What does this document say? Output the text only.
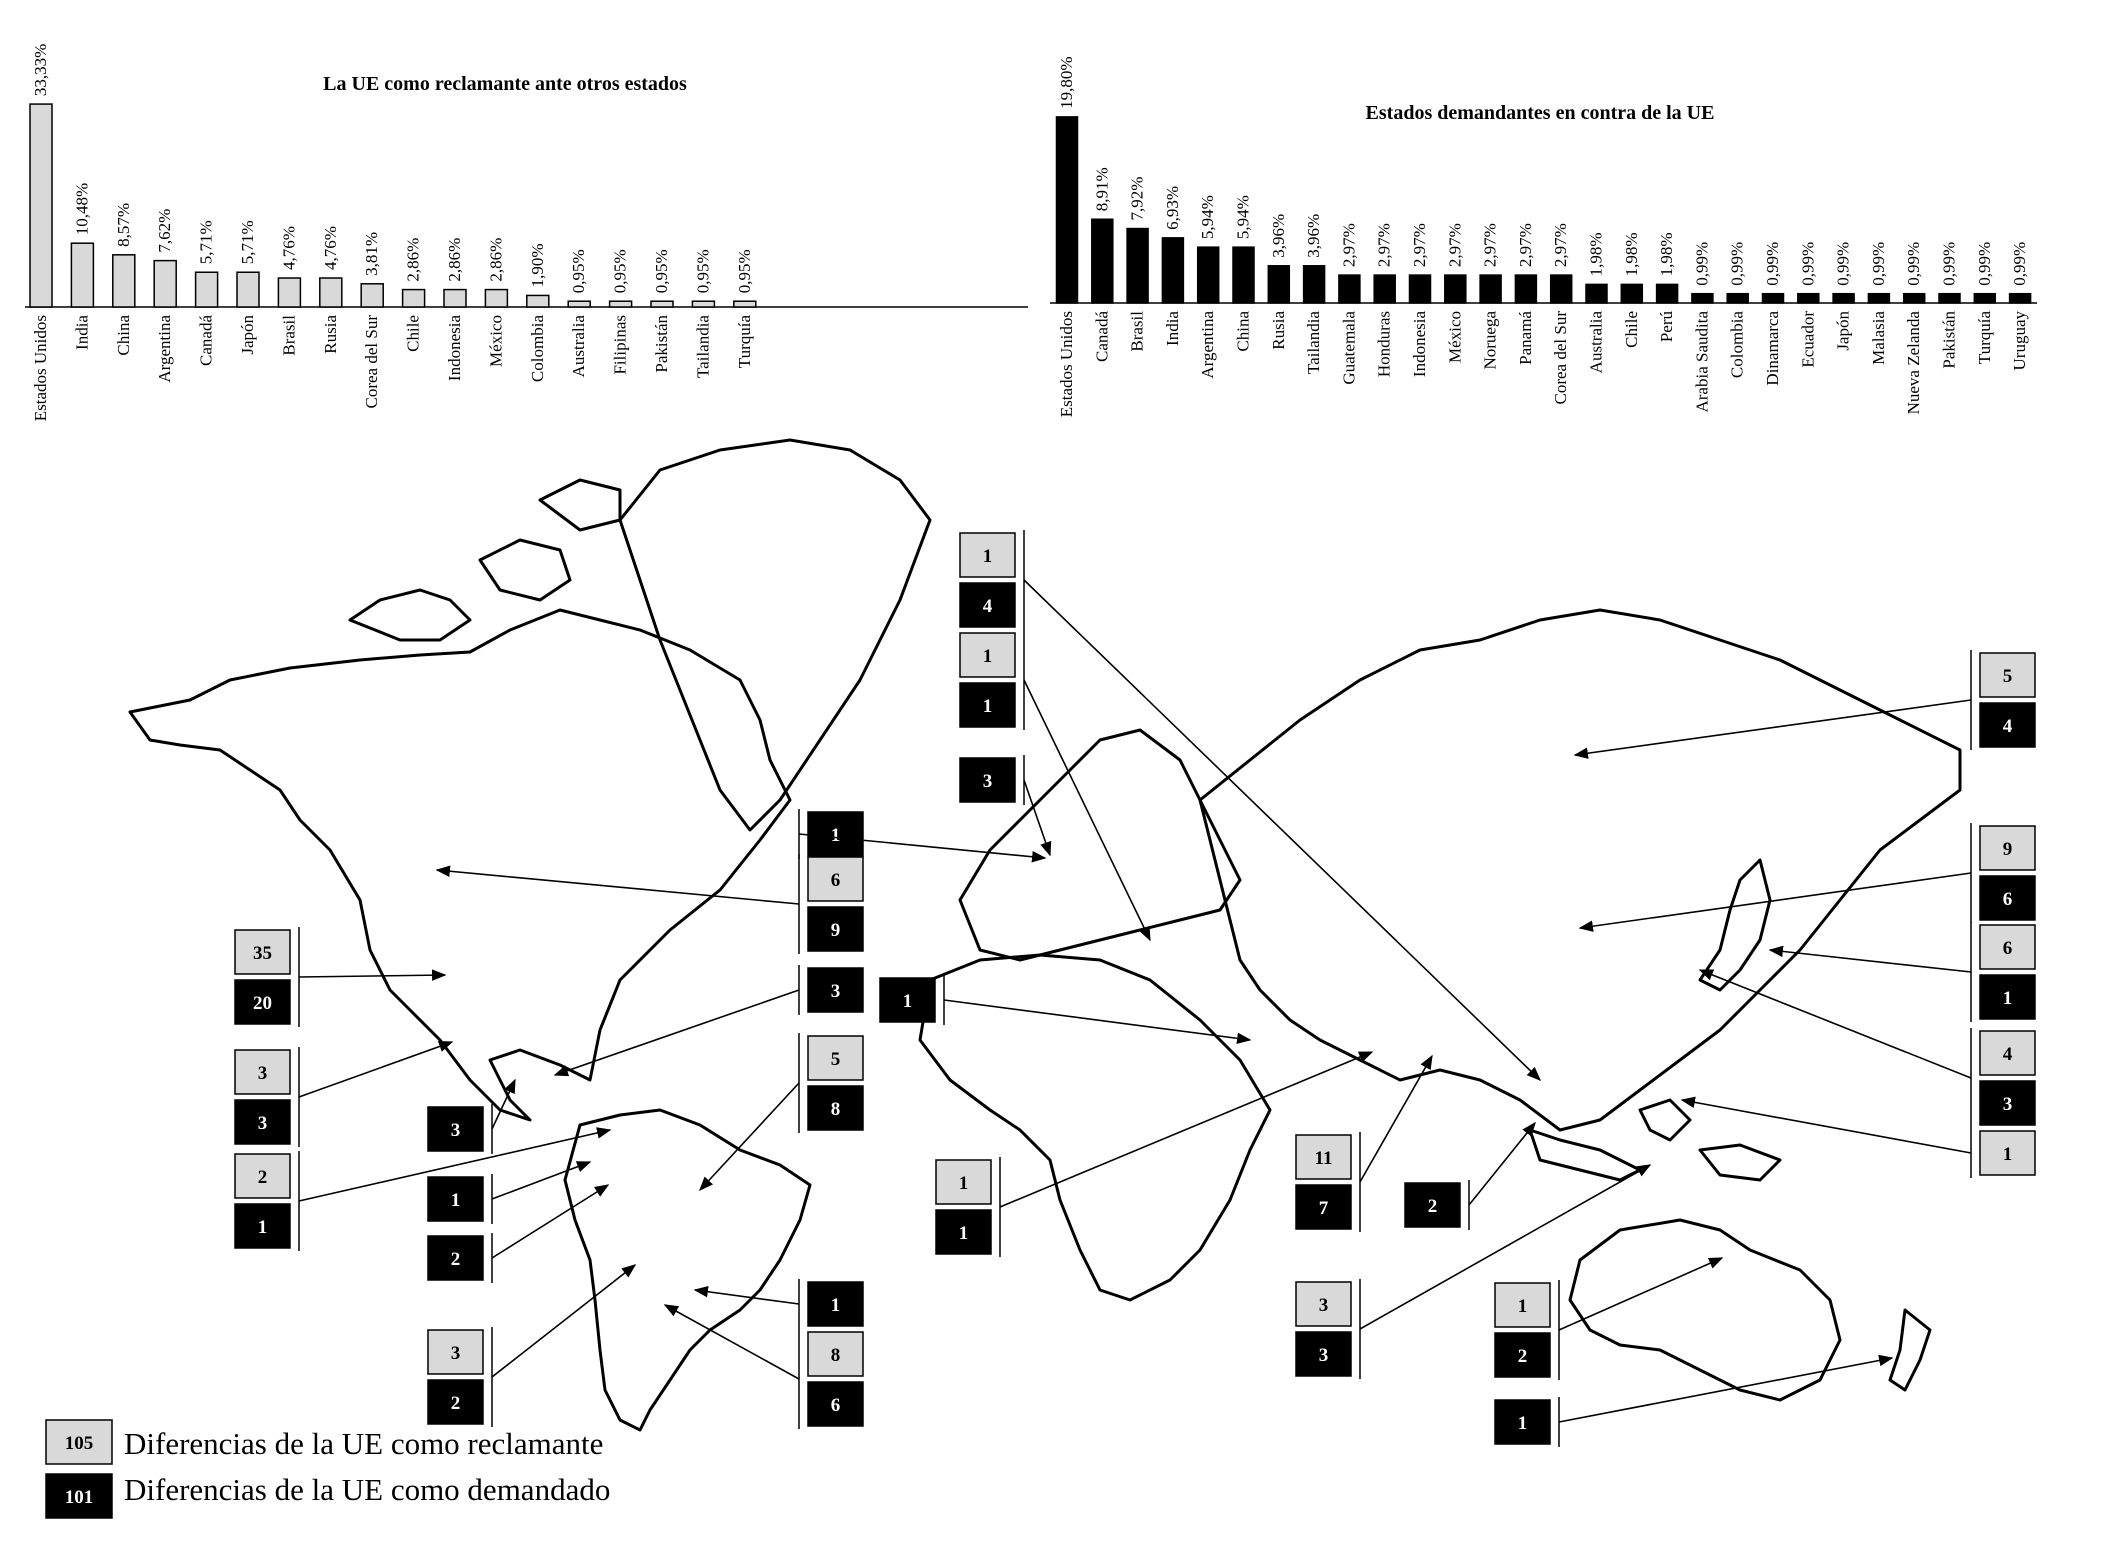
La UE como reclamante ante otros estados
33,33%
Estados Unidos
10,48%
India
8,57%
China
7,62%
Argentina
5,71%
Canadá
5,71%
Japón
4,76%
Brasil
4,76%
Rusia
3,81%
Corea del Sur
2,86%
Chile
2,86%
Indonesia
2,86%
México
1,90%
Colombia
0,95%
Australia
0,95%
Filipinas
0,95%
Pakistán
0,95%
Tailandia
0,95%
Turquía
Estados demandantes en contra de la UE
19,80%
Estados Unidos
8,91%
Canadá
7,92%
Brasil
6,93%
India
5,94%
Argentina
5,94%
China
3,96%
Rusia
3,96%
Tailandia
2,97%
Guatemala
2,97%
Honduras
2,97%
Indonesia
2,97%
México
2,97%
Noruega
2,97%
Panamá
2,97%
Corea del Sur
1,98%
Australia
1,98%
Chile
1,98%
Perú
0,99%
Arabia Saudita
0,99%
Colombia
0,99%
Dinamarca
0,99%
Ecuador
0,99%
Japón
0,99%
Malasia
0,99%
Nueva Zelanda
0,99%
Pakistán
0,99%
Turquía
0,99%
Uruguay
35
20
6
9
1
3
3	3
3
2
1
1
2
5
8
3
2
1
8
6
1
4
1
1
3
1
1
1
11
7	2
3
3
1
2
1
5
4
9
6
6
1
4
3
1
105 Diferencias de la UE como reclamante
101 Diferencias de la UE como demandado
